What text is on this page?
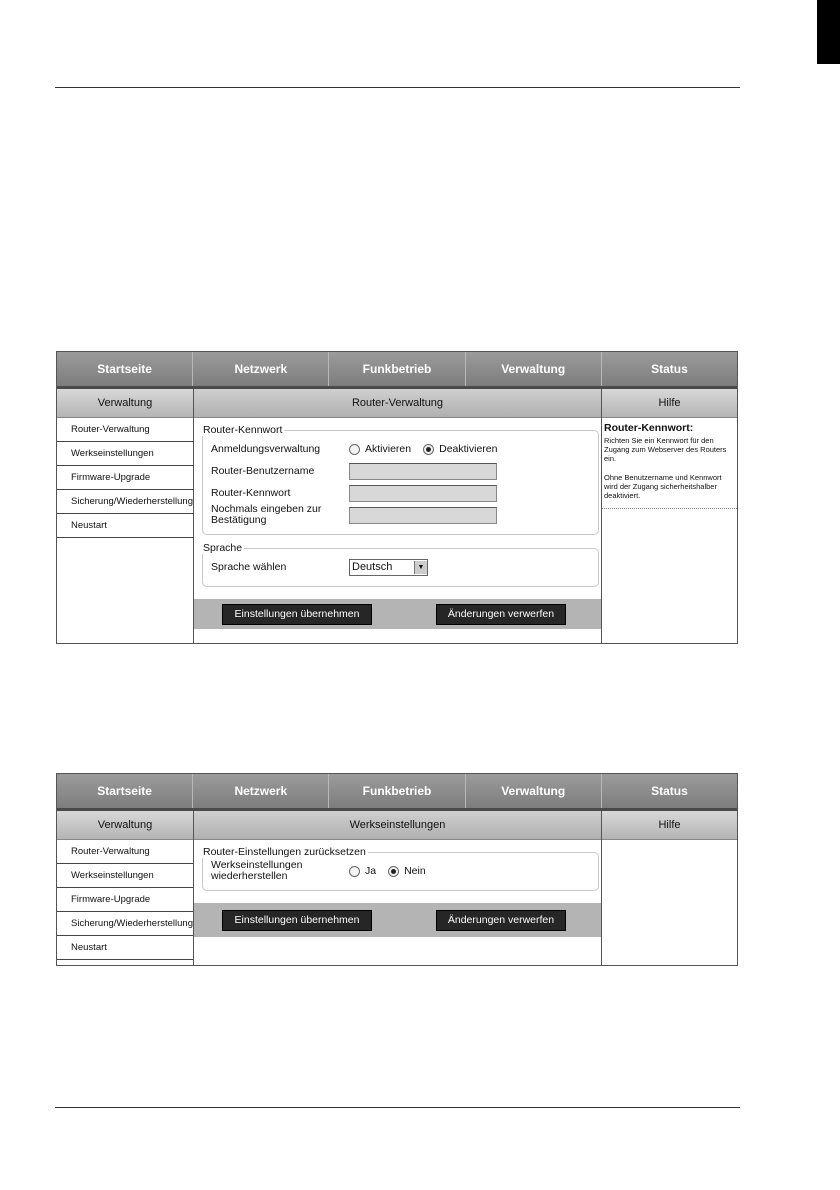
Startseite	Netzwerk	Funkbetrieb	Verwaltung	Status
Verwaltung
Router-Verwaltung
Werkseinstellungen
Firmware-Upgrade
Sicherung/Wiederherstellung
Neustart
Router-Verwaltung
Router-Kennwort
Anmeldungsverwaltung	Aktivieren	Deaktivieren
Router-Benutzername
Router-Kennwort
Nochmals eingeben zur Bestätigung
Sprache
Sprache wählen	Deutsch	▼
Einstellungen übernehmen	Änderungen verwerfen
Hilfe
Router-Kennwort:
Richten Sie ein Kennwort für den Zugang zum Webserver des Routers ein.
Ohne Benutzername und Kennwort wird der Zugang sicherheitshalber deaktiviert.
Startseite	Netzwerk	Funkbetrieb	Verwaltung	Status
Verwaltung
Router-Verwaltung
Werkseinstellungen
Firmware-Upgrade
Sicherung/Wiederherstellung
Neustart
Werkseinstellungen
Router-Einstellungen zurücksetzen
Werkseinstellungen wiederherstellen	Ja	Nein
Einstellungen übernehmen	Änderungen verwerfen
Hilfe
